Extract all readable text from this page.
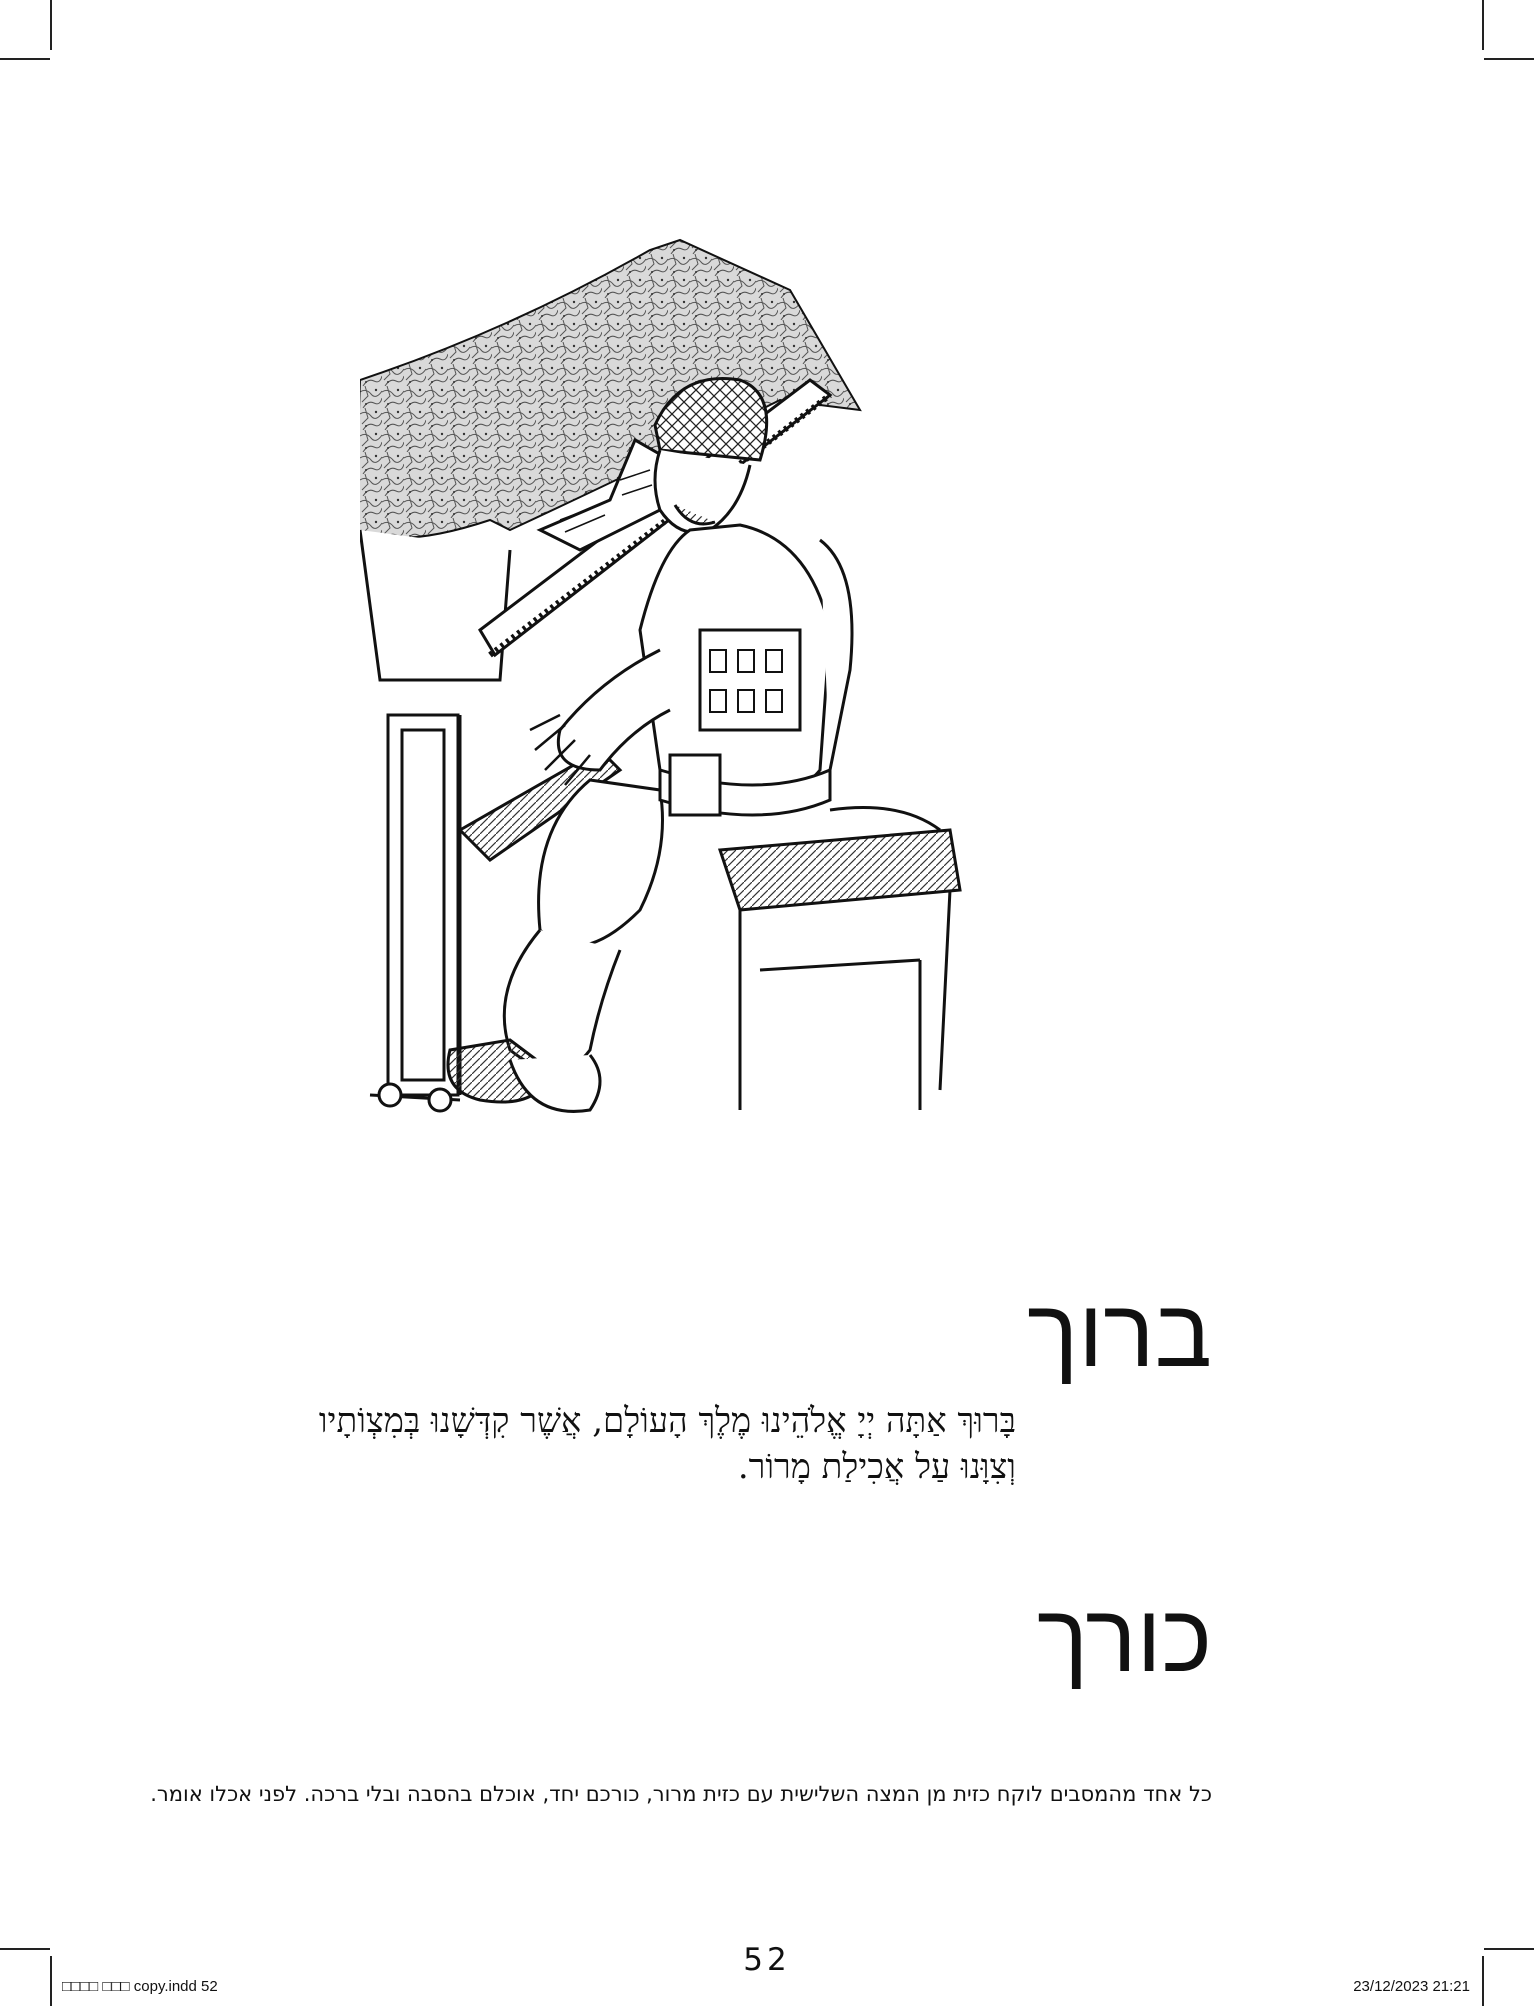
ברוך
בָּרוּךְ אַתָּה יְיָ אֱלֹהֵינוּ מֶלֶךְ הָעוֹלָם, אֲשֶׁר קִדְּשָׁנוּ בְּמִצְוֹתָיו
וְצִוָּנוּ עַל אֲכִילַת מָרוֹר.
כורך
כל אחד מהמסבים לוקח כזית מן המצה השלישית עם כזית מרור, כורכם יחד, אוכלם בהסבה ובלי ברכה. לפני אכלו אומר.
52
□□□□ □□□ copy.indd 52	23/12/2023 21:21
